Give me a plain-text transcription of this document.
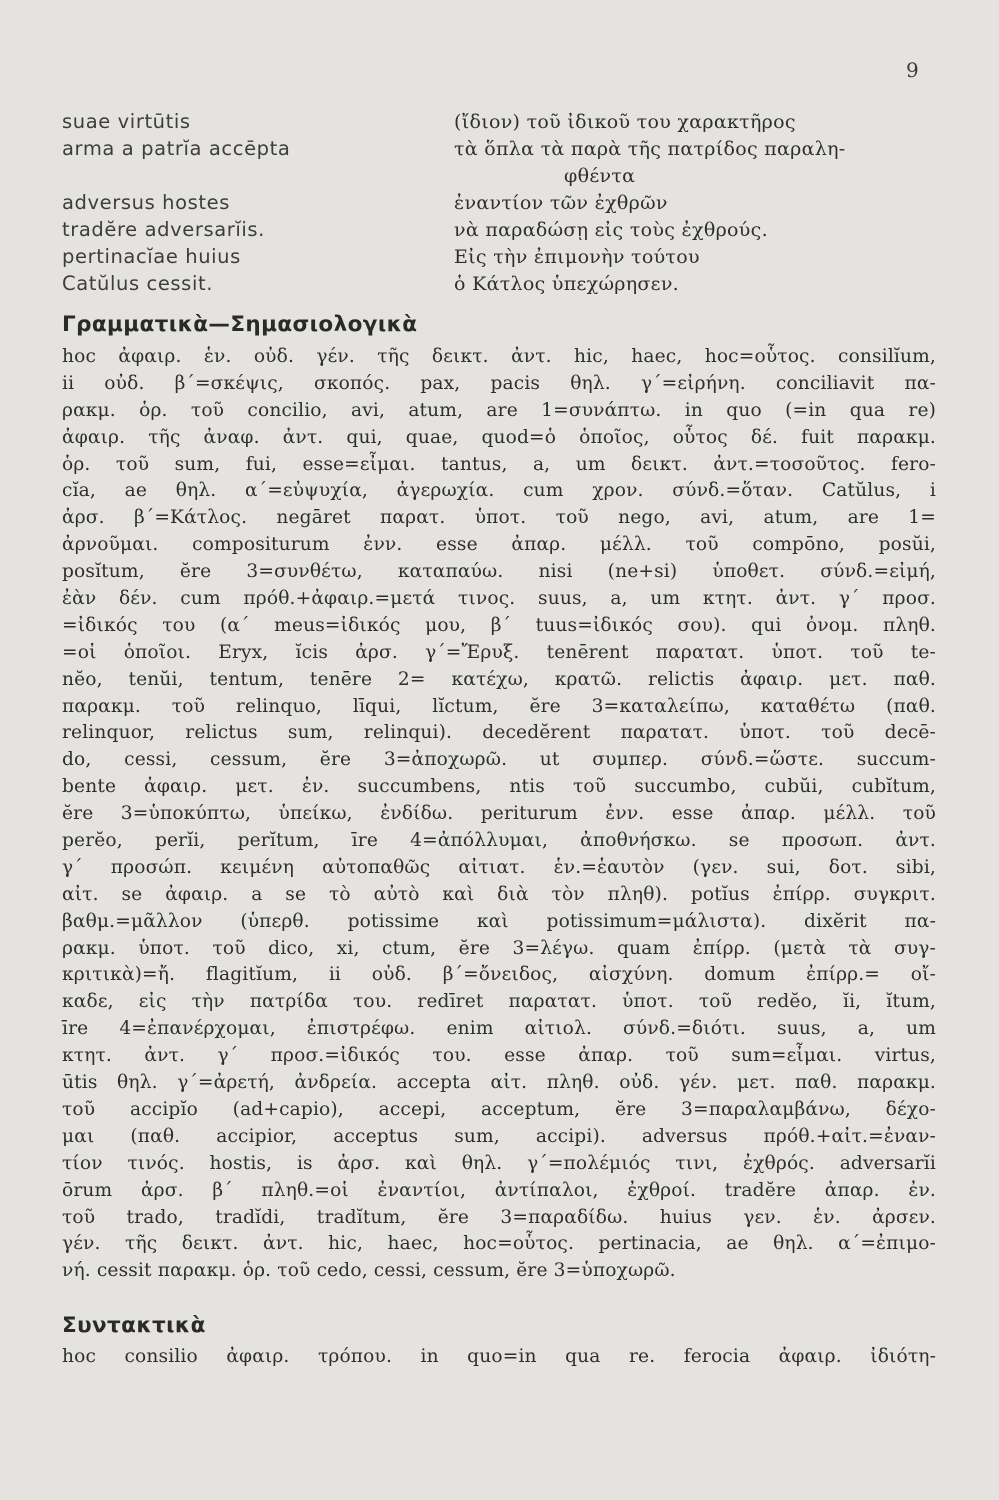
9
suae virtūtis	(ἴδιον) τοῦ ἰδικοῦ του χαρακτῆρος
arma a patrĭa accēpta	τὰ ὅπλα τὰ παρὰ τῆς πατρίδος παραλη-
φθέντα
adversus hostes	ἐναντίον τῶν ἐχθρῶν
tradĕre adversarĭis.	νὰ παραδώσῃ εἰς τοὺς ἐχθρούς.
pertinacĭae huius	Εἰς τὴν ἐπιμονὴν τούτου
Catŭlus cessit.	ὁ Κάτλος ὑπεχώρησεν.
Γραμματικὰ—Σημασιολογικὰ
hoc ἀφαιρ. ἑν. οὐδ. γέν. τῆς δεικτ. ἀντ. hic, haec, hoc=οὗτος. consilĭum,
ii οὐδ. β΄=σκέψις, σκοπός. pax, pacis θηλ. γ΄=εἰρήνη. conciliavit πα-
ρακμ. ὁρ. τοῦ concilio, avi, atum, are 1=συνάπτω. in quo (=in qua re)
ἀφαιρ. τῆς ἀναφ. ἀντ. qui, quae, quod=ὁ ὁποῖος, οὗτος δέ. fuit παρακμ.
ὁρ. τοῦ sum, fui, esse=εἶμαι. tantus, a, um δεικτ. ἀντ.=τοσοῦτος. fero-
cĭa, ae θηλ. α΄=εὐψυχία, ἀγερωχία. cum χρον. σύνδ.=ὅταν. Catŭlus, i
ἀρσ. β΄=Κάτλος. negāret παρατ. ὑποτ. τοῦ nego, avi, atum, are 1=
ἀρνοῦμαι. compositurum ἐνν. esse ἀπαρ. μέλλ. τοῦ compōno, posŭi,
posĭtum, ĕre 3=συνθέτω, καταπαύω. nisi (ne+si) ὑποθετ. σύνδ.=εἰμή,
ἐὰν δέν. cum πρόθ.+ἀφαιρ.=μετά τινος. suus, a, um κτητ. ἀντ. γ΄ προσ.
=ἰδικός του (α΄ meus=ἰδικός μου, β΄ tuus=ἰδικός σου). qui ὀνομ. πληθ.
=οἱ ὁποῖοι. Eryx, ĭcis ἀρσ. γ΄=Ἔρυξ. tenērent παρατατ. ὑποτ. τοῦ te-
nĕo, tenŭi, tentum, tenēre 2= κατέχω, κρατῶ. relictis ἀφαιρ. μετ. παθ.
παρακμ. τοῦ relinquo, līqui, lĭctum, ĕre 3=καταλείπω, καταθέτω (παθ.
relinquor, relictus sum, relinqui). decedĕrent παρατατ. ὑποτ. τοῦ decē-
do, cessi, cessum, ĕre 3=ἀποχωρῶ. ut συμπερ. σύνδ.=ὥστε. succum-
bente ἀφαιρ. μετ. ἐν. succumbens, ntis τοῦ succumbo, cubŭi, cubĭtum,
ĕre 3=ὑποκύπτω, ὑπείκω, ἐνδίδω. periturum ἐνν. esse ἀπαρ. μέλλ. τοῦ
perĕo, perĭi, perĭtum, īre 4=ἀπόλλυμαι, ἀποθνήσκω. se προσωπ. ἀντ.
γ΄ προσώπ. κειμένη αὐτοπαθῶς αἰτιατ. ἑν.=ἑαυτὸν (γεν. sui, δοτ. sibi,
αἰτ. se ἀφαιρ. a se τὸ αὐτὸ καὶ διὰ τὸν πληθ). potĭus ἐπίρρ. συγκριτ.
βαθμ.=μᾶλλον (ὑπερθ. potissime καὶ potissimum=μάλιστα). dixĕrit πα-
ρακμ. ὑποτ. τοῦ dico, xi, ctum, ĕre 3=λέγω. quam ἐπίρρ. (μετὰ τὰ συγ-
κριτικὰ)=ἤ. flagitĭum, ii οὐδ. β΄=ὄνειδος, αἰσχύνη. domum ἐπίρρ.= οἴ-
καδε, εἰς τὴν πατρίδα του. redīret παρατατ. ὑποτ. τοῦ redĕo, ĭi, ĭtum,
īre 4=ἐπανέρχομαι, ἐπιστρέφω. enim αἰτιολ. σύνδ.=διότι. suus, a, um
κτητ. ἀντ. γ΄ προσ.=ἰδικός του. esse ἀπαρ. τοῦ sum=εἶμαι. virtus,
ūtis θηλ. γ΄=ἀρετή, ἀνδρεία. accepta αἰτ. πληθ. οὐδ. γέν. μετ. παθ. παρακμ.
τοῦ accipĭo (ad+capio), accepi, acceptum, ĕre 3=παραλαμβάνω, δέχο-
μαι (παθ. accipior, acceptus sum, accipi). adversus πρόθ.+αἰτ.=ἐναν-
τίον τινός. hostis, is ἀρσ. καὶ θηλ. γ΄=πολέμιός τινι, ἐχθρός. adversarĭi
ōrum ἀρσ. β΄ πληθ.=οἱ ἐναντίοι, ἀντίπαλοι, ἐχθροί. tradĕre ἀπαρ. ἐν.
τοῦ trado, tradĭdi, tradĭtum, ĕre 3=παραδίδω. huius γεν. ἑν. ἀρσεν.
γέν. τῆς δεικτ. ἀντ. hic, haec, hoc=οὗτος. pertinacia, ae θηλ. α΄=ἐπιμο-
νή. cessit παρακμ. ὁρ. τοῦ cedo, cessi, cessum, ĕre 3=ὑποχωρῶ.
Συντακτικὰ
hoc consilio ἀφαιρ. τρόπου. in quo=in qua re. ferocia ἀφαιρ. ἰδιότη-
